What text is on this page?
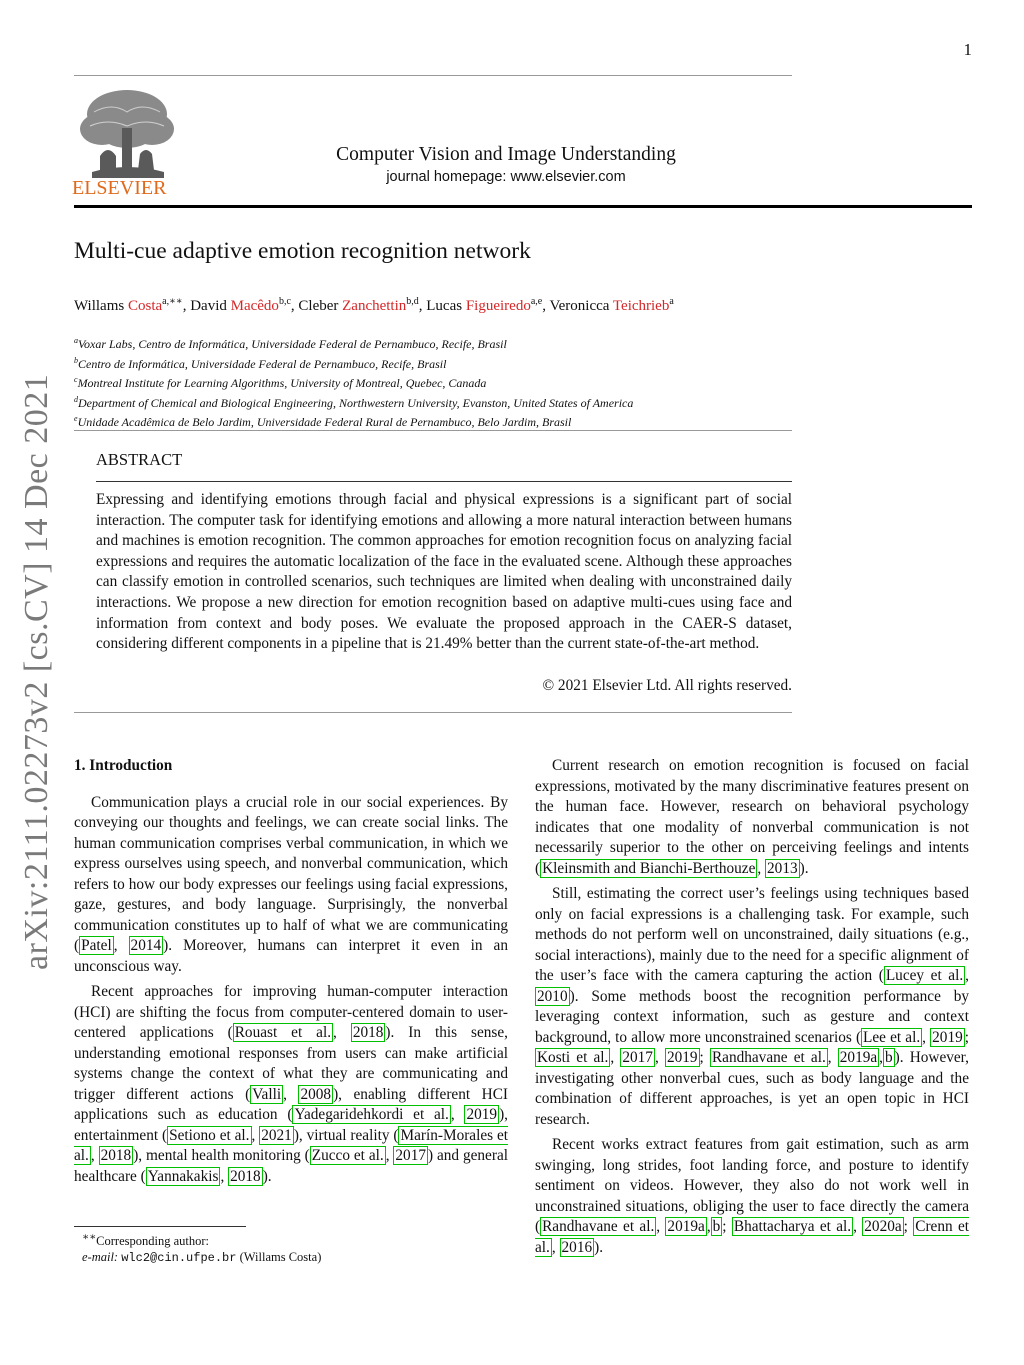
1
ELSEVIER
Computer Vision and Image Understanding
journal homepage: www.elsevier.com
Multi-cue adaptive emotion recognition network
Willams Costa$^{a,∗∗}$, David Macêdo$^{b,c}$, Cleber Zanchettin$^{b,d}$, Lucas Figueiredo$^{a,e}$, Veronicca Teichrieb$^a$
$^a$Voxar Labs, Centro de Informática, Universidade Federal de Pernambuco, Recife, Brasil
$^b$Centro de Informática, Universidade Federal de Pernambuco, Recife, Brasil
$^c$Montreal Institute for Learning Algorithms, University of Montreal, Quebec, Canada
$^d$Department of Chemical and Biological Engineering, Northwestern University, Evanston, United States of America
$^e$Unidade Acadêmica de Belo Jardim, Universidade Federal Rural de Pernambuco, Belo Jardim, Brasil
ABSTRACT
Expressing and identifying emotions through facial and physical expressions is a significant part of social interaction. The computer task for identifying emotions and allowing a more natural interaction between humans and machines is emotion recognition. The common approaches for emotion recognition focus on analyzing facial expressions and requires the automatic localization of the face in the evaluated scene. Although these approaches can classify emotion in controlled scenarios, such techniques are limited when dealing with unconstrained daily interactions. We propose a new direction for emotion recognition based on adaptive multi-cues using face and information from context and body poses. We evaluate the proposed approach in the CAER-S dataset, considering different components in a pipeline that is 21.49% better than the current state-of-the-art method.
© 2021 Elsevier Ltd. All rights reserved.
arXiv:2111.02273v2 [cs.CV] 14 Dec 2021 1. Introduction

Communication plays a crucial role in our social experiences. By conveying our thoughts and feelings, we can create social links. The human communication comprises verbal communication, in which we express ourselves using speech, and nonverbal communication, which refers to how our body expresses our feelings using facial expressions, gaze, gestures, and body language. Surprisingly, the nonverbal communication constitutes up to half of what we are communicating ( Patel , 2014 ). Moreover, humans can interpret it even in an unconscious way.

Recent approaches for improving human-computer interaction (HCI) are shifting the focus from computer-centered domain to user-centered applications ( Rouast et al. , 2018 ). In this sense, understanding emotional responses from users can make artificial systems change the context of what they are communicating and trigger different actions ( Valli , 2008 ), enabling different HCI applications such as education ( Yadegaridehkordi et al. , 2019 ), entertainment ( Setiono et al. , 2021 ), virtual reality ( Marín-Morales et al. , 2018 ), mental health monitoring ( Zucco et al. , 2017 ) and general healthcare ( Yannakakis , 2018 ).

Current research on emotion recognition is focused on facial expressions, motivated by the many discriminative features present on the human face. However, research on behavioral psychology indicates that one modality of nonverbal communication is not necessarily superior to the other on perceiving feelings and intents ( Kleinsmith and Bianchi-Berthouze , 2013 ).

Still, estimating the correct user’s feelings using techniques based only on facial expressions is a challenging task. For example, such methods do not perform well on unconstrained, daily situations (e.g., social interactions), mainly due to the need for a specific alignment of the user’s face with the camera capturing the action ( Lucey et al. , 2010 ). Some methods boost the recognition performance by leveraging context information, such as gesture and context background, to allow more unconstrained scenarios ( Lee et al. , 2019 ; Kosti et al. , 2017 , 2019 ; Randhavane et al. , 2019a , b ). However, investigating other nonverbal cues, such as body language and the combination of different approaches, is yet an open topic in HCI research.

Recent works extract features from gait estimation, such as arm swinging, long strides, foot landing force, and posture to identify sentiment on videos. However, they also do not work well in unconstrained situations, obliging the user to face directly the camera ( Randhavane et al. , 2019a , b ; Bhattacharya et al. , 2020a ; Crenn et al. , 2016 ).

∗∗Corresponding author:
e-mail: wlc2@cin.ufpe.br (Willams Costa)
